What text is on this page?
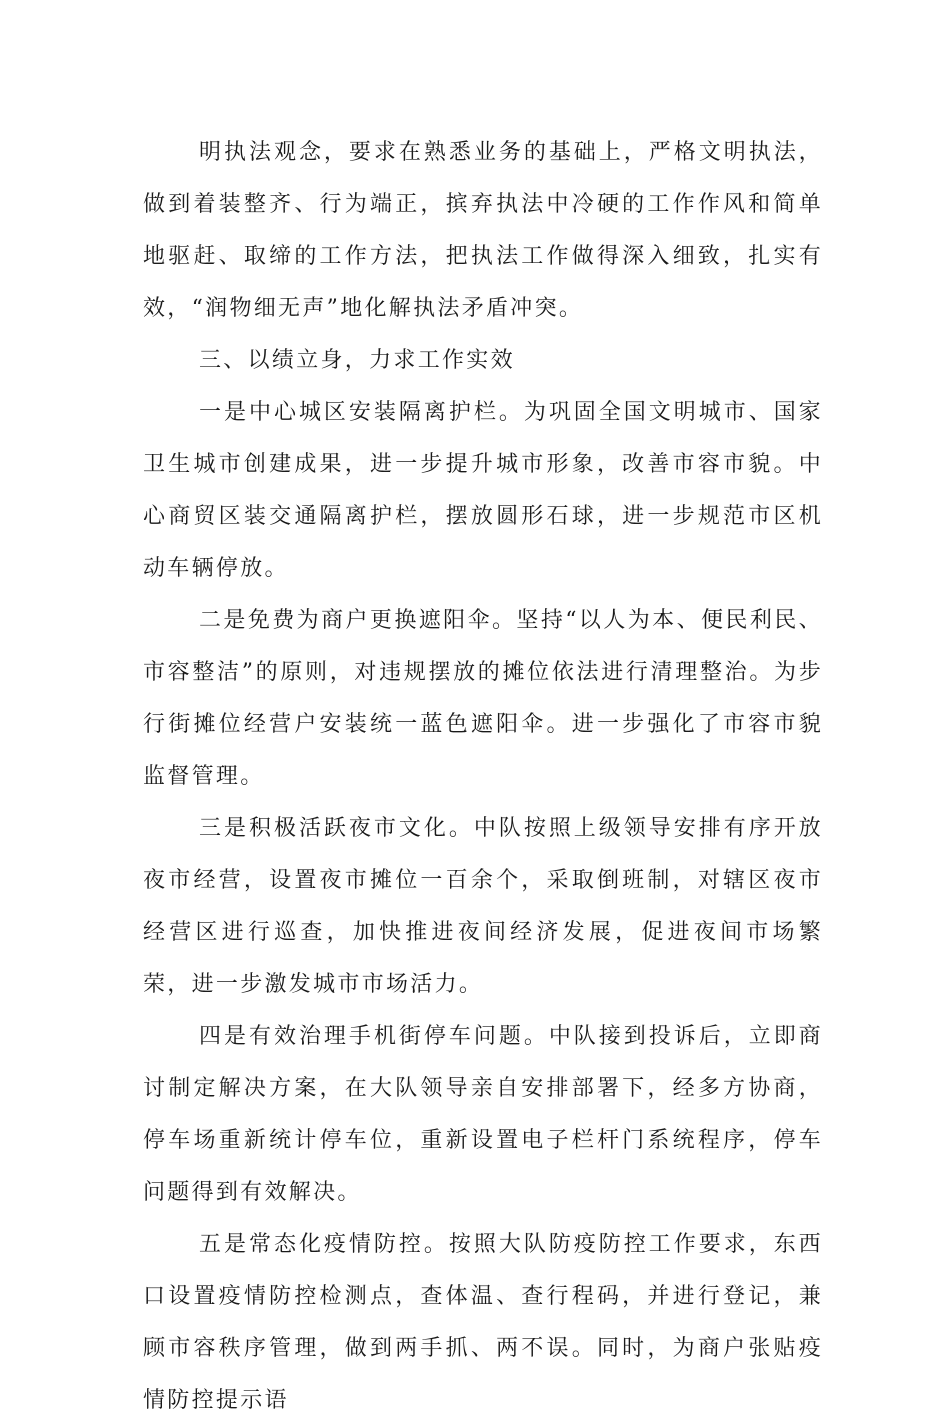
明执法观念，要求在熟悉业务的基础上，严格文明执法，做到着装整齐、行为端正，摈弃执法中冷硬的工作作风和简单地驱赶、取缔的工作方法，把执法工作做得深入细致，扎实有效，“润物细无声”地化解执法矛盾冲突。

三、以绩立身，力求工作实效

一是中心城区安装隔离护栏。为巩固全国文明城市、国家卫生城市创建成果，进一步提升城市形象，改善市容市貌。中心商贸区装交通隔离护栏，摆放圆形石球，进一步规范市区机动车辆停放。

二是免费为商户更换遮阳伞。坚持“以人为本、便民利民、市容整洁”的原则，对违规摆放的摊位依法进行清理整治。为步行街摊位经营户安装统一蓝色遮阳伞。进一步强化了市容市貌监督管理。

三是积极活跃夜市文化。中队按照上级领导安排有序开放夜市经营，设置夜市摊位一百余个，采取倒班制，对辖区夜市经营区进行巡查，加快推进夜间经济发展，促进夜间市场繁荣，进一步激发城市市场活力。

四是有效治理手机街停车问题。中队接到投诉后，立即商讨制定解决方案，在大队领导亲自安排部署下，经多方协商，停车场重新统计停车位，重新设置电子栏杆门系统程序，停车问题得到有效解决。

五是常态化疫情防控。按照大队防疫防控工作要求，东西口设置疫情防控检测点，查体温、查行程码，并进行登记，兼顾市容秩序管理，做到两手抓、两不误。同时，为商户张贴疫情防控提示语
